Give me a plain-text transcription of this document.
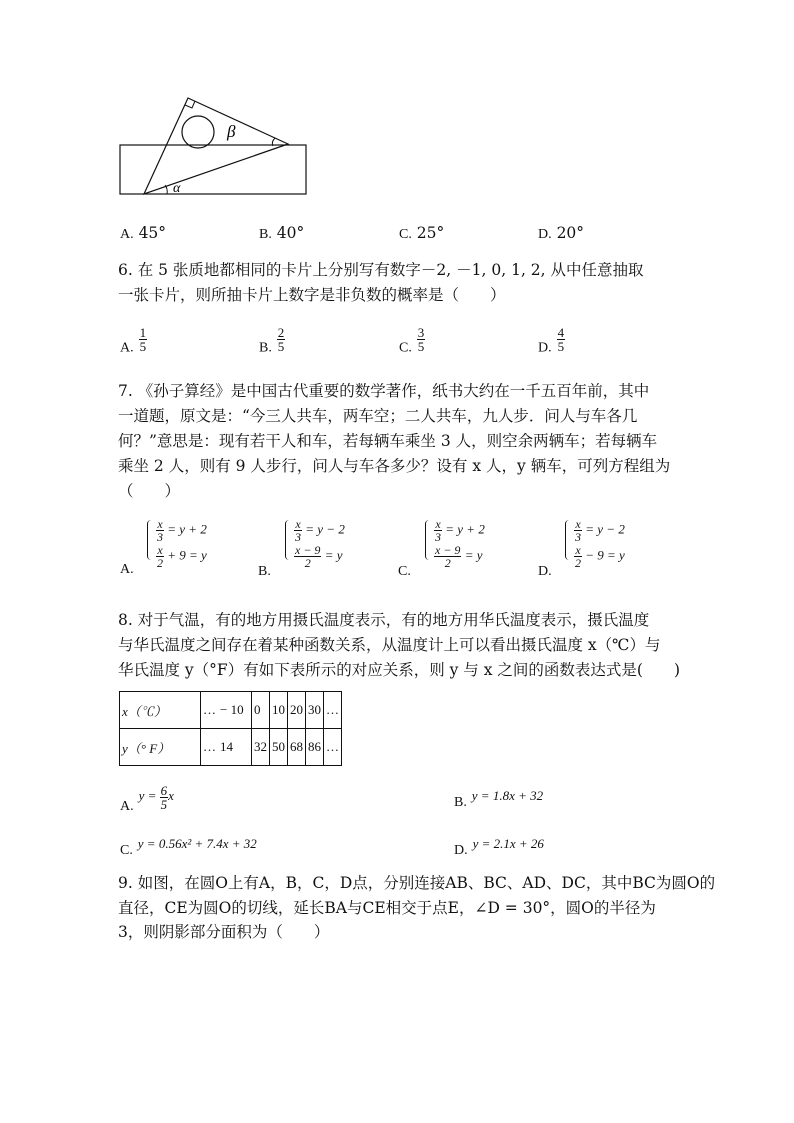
β
α
A. 45°	B. 40°	C. 25°	D. 20°
6. 在 5 张质地都相同的卡片上分别写有数字－2, －1, 0, 1, 2, 从中任意抽取
一张卡片，则所抽卡片上数字是非负数的概率是（　　）
A. $\frac{1}{5}$	B. $\frac{2}{5}$	C. $\frac{3}{5}$	D. $\frac{4}{5}$
7. 《孙子算经》是中国古代重要的数学著作，纸书大约在一千五百年前，其中
一道题，原文是：“今三人共车，两车空；二人共车，九人步．问人与车各几
何？”意思是：现有若干人和车，若每辆车乘坐 3 人，则空余两辆车；若每辆车
乘坐 2 人，则有 9 人步行，问人与车各多少？设有 x 人，y 辆车，可列方程组为
（　　）
A.
$\frac{x}{3} = y + 2$
$\frac{x}{2} + 9 = y$
B.
$\frac{x}{3} = y - 2$
$\frac{x - 9}{2} = y$
C.
$\frac{x}{3} = y + 2$
$\frac{x - 9}{2} = y$
D.
$\frac{x}{3} = y - 2$
$\frac{x}{2} - 9 = y$
8. 对于气温，有的地方用摄氏温度表示，有的地方用华氏温度表示，摄氏温度
与华氏温度之间存在着某种函数关系，从温度计上可以看出摄氏温度 x（℃）与
华氏温度 y（°F）有如下表所示的对应关系，则 y 与 x 之间的函数表达式是(　　)
x（℃）	…	− 10		0	10	20	30	…
y（° F）	…	14		32	50	68	86	…
A. $y = \frac{6}{5}$ x	B. y = 1.8x + 32
C. y = 0.56x² + 7.4x + 32	D. y = 2.1x + 26
9. 如图，在圆O上有A，B，C，D点，分别连接AB、BC、AD、DC，其中BC为圆O的
直径，CE为圆O的切线，延长BA与CE相交于点E，∠D = 30°，圆O的半径为
3，则阴影部分面积为（　　）
